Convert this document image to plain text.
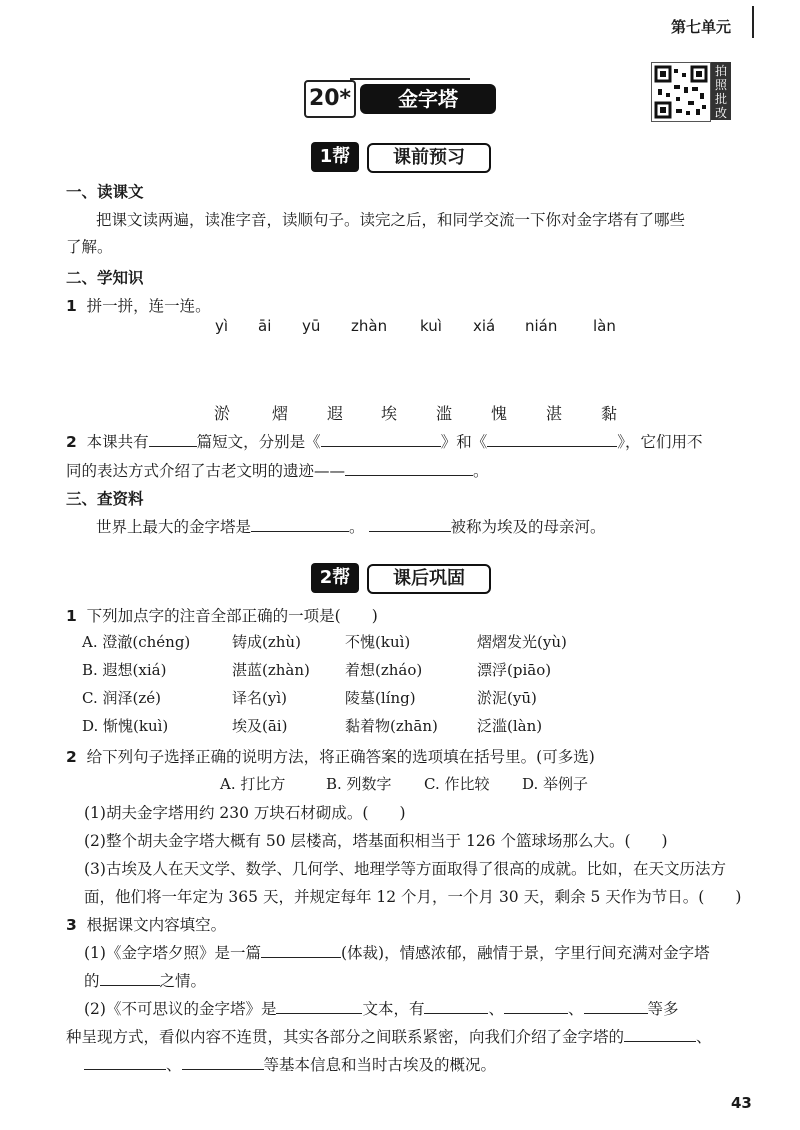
第七单元
20*	金字塔
拍照批改
1帮	课前预习
一、读课文
把课文读两遍，读准字音，读顺句子。读完之后，和同学交流一下你对金字塔有了哪些
了解。
二、学知识
1 拼一拼，连一连。
yì āi yū zhàn kuì xiá nián làn
淤	熠 遐 埃 滥 愧 湛 黏
2 本课共有	篇短文，分别是《	》和《	》，它们用不
同的表达方式介绍了古老文明的遗迹——	。
三、查资料
世界上最大的金字塔是	。	被称为埃及的母亲河。
2帮	课后巩固
1 下列加点字的注音全部正确的一项是(　　)
A. 澄澈(chéng)	铸成(zhù)	不愧(kuì)	熠熠发光(yù)
B. 遐想(xiá)	湛蓝(zhàn) 着想(zháo)	漂浮(piāo)
C. 润泽(zé)	译名(yì)	陵墓(líng)	淤泥(yū)
D. 惭愧(kuì)	埃及(āi)	黏着物(zhān)	泛滥(làn)
2 给下列句子选择正确的说明方法，将正确答案的选项填在括号里。(可多选)
A. 打比方	B. 列数字 C. 作比较 D. 举例子
(1)胡夫金字塔用约 230 万块石材砌成。(　　)
(2)整个胡夫金字塔大概有 50 层楼高，塔基面积相当于 126 个篮球场那么大。(　　)
(3)古埃及人在天文学、数学、几何学、地理学等方面取得了很高的成就。比如，在天文历法方
面，他们将一年定为 365 天，并规定每年 12 个月，一个月 30 天，剩余 5 天作为节日。(　　)
3 根据课文内容填空。
(1)《金字塔夕照》是一篇	(体裁)，情感浓郁，融情于景，字里行间充满对金字塔
的	之情。
(2)《不可思议的金字塔》是	文本，有	、	、	等多
种呈现方式，看似内容不连贯，其实各部分之间联系紧密，向我们介绍了金字塔的	、
、	等基本信息和当时古埃及的概况。
43
